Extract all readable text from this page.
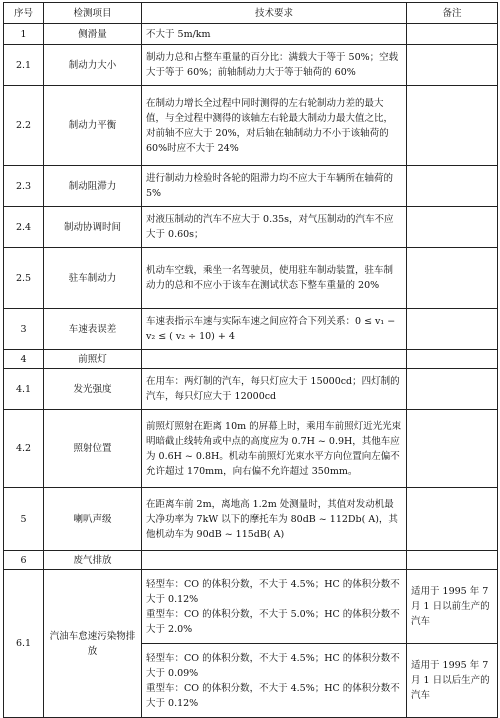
序号	检测项目	技术要求	备注
1	侧滑量	不大于 5m/km	
2.1	制动力大小	制动力总和占整车重量的百分比：满载大于等于 50%；空载大于等于 60%；前轴制动力大于等于轴荷的 60%	
2.2	制动力平衡	在制动力增长全过程中同时测得的左右轮制动力差的最大值，与全过程中测得的该轴左右轮最大制动力最大值之比，对前轴不应大于 20%，对后轴在轴制动力不小于该轴荷的 60%时应不大于 24%	
2.3	制动阻滞力	进行制动力检验时各轮的阻滞力均不应大于车辆所在轴荷的 5%	
2.4	制动协调时间	对液压制动的汽车不应大于 0.35s，对气压制动的汽车不应大于 0.60s；	
2.5	驻车制动力	机动车空载，乘坐一名驾驶员，使用驻车制动装置，驻车制动力的总和不应小于该车在测试状态下整车重量的 20%	
3	车速表误差	车速表指示车速与实际车速之间应符合下列关系：0 ≤ v₁ − v₂ ≤ ( v₂ ÷ 10) + 4	
4	前照灯		
4.1	发光强度	在用车：两灯制的汽车，每只灯应大于 15000cd；四灯制的汽车，每只灯应大于 12000cd	
4.2	照射位置	前照灯照射在距离 10m 的屏幕上时，乘用车前照灯近光光束明暗截止线转角或中点的高度应为 0.7H ~ 0.9H，其他车应为 0.6H ~ 0.8H。机动车前照灯光束水平方向位置向左偏不允许超过 170mm，向右偏不允许超过 350mm。	
5	喇叭声级	在距离车前 2m，离地高 1.2m 处测量时，其值对发动机最大净功率为 7kW 以下的摩托车为 80dB ~ 112Db( A)，其他机动车为 90dB ~ 115dB( A)	
6	废气排放		
6.1	汽油车怠速污染物排放	轻型车：CO 的体积分数，不大于 4.5%；HC 的体积分数不大于 0.12%
重型车：CO 的体积分数，不大于 5.0%；HC 的体积分数不大于 2.0%	适用于 1995 年 7 月 1 日以前生产的汽车
		轻型车：CO 的体积分数，不大于 4.5%；HC 的体积分数不大于 0.09%
重型车：CO 的体积分数，不大于 4.5%；HC 的体积分数不大于 0.12%	适用于 1995 年 7 月 1 日以后生产的汽车
